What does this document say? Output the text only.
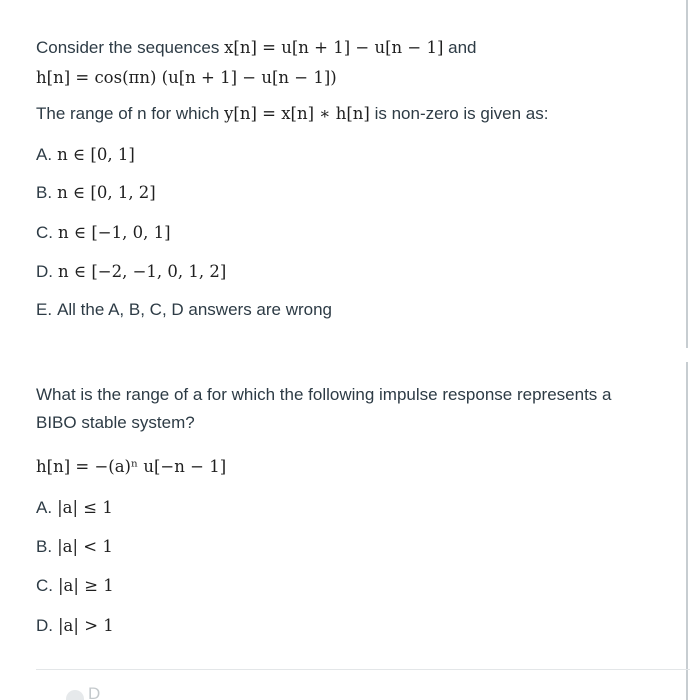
Consider the sequences x[n] = u[n + 1] − u[n − 1] and
h[n] = cos(πn) (u[n + 1] − u[n − 1])
The range of n for which y[n] = x[n] ∗ h[n] is non-zero is given as:
A. n ∈ [0, 1]
B. n ∈ [0, 1, 2]
C. n ∈ [−1, 0, 1]
D. n ∈ [−2, −1, 0, 1, 2]
E. All the A, B, C, D answers are wrong
What is the range of a for which the following impulse response represents a
BIBO stable system?
h[n] = −(a)ⁿ u[−n − 1]
A. |a| ≤ 1
B. |a| < 1
C. |a| ≥ 1
D. |a| > 1
D
